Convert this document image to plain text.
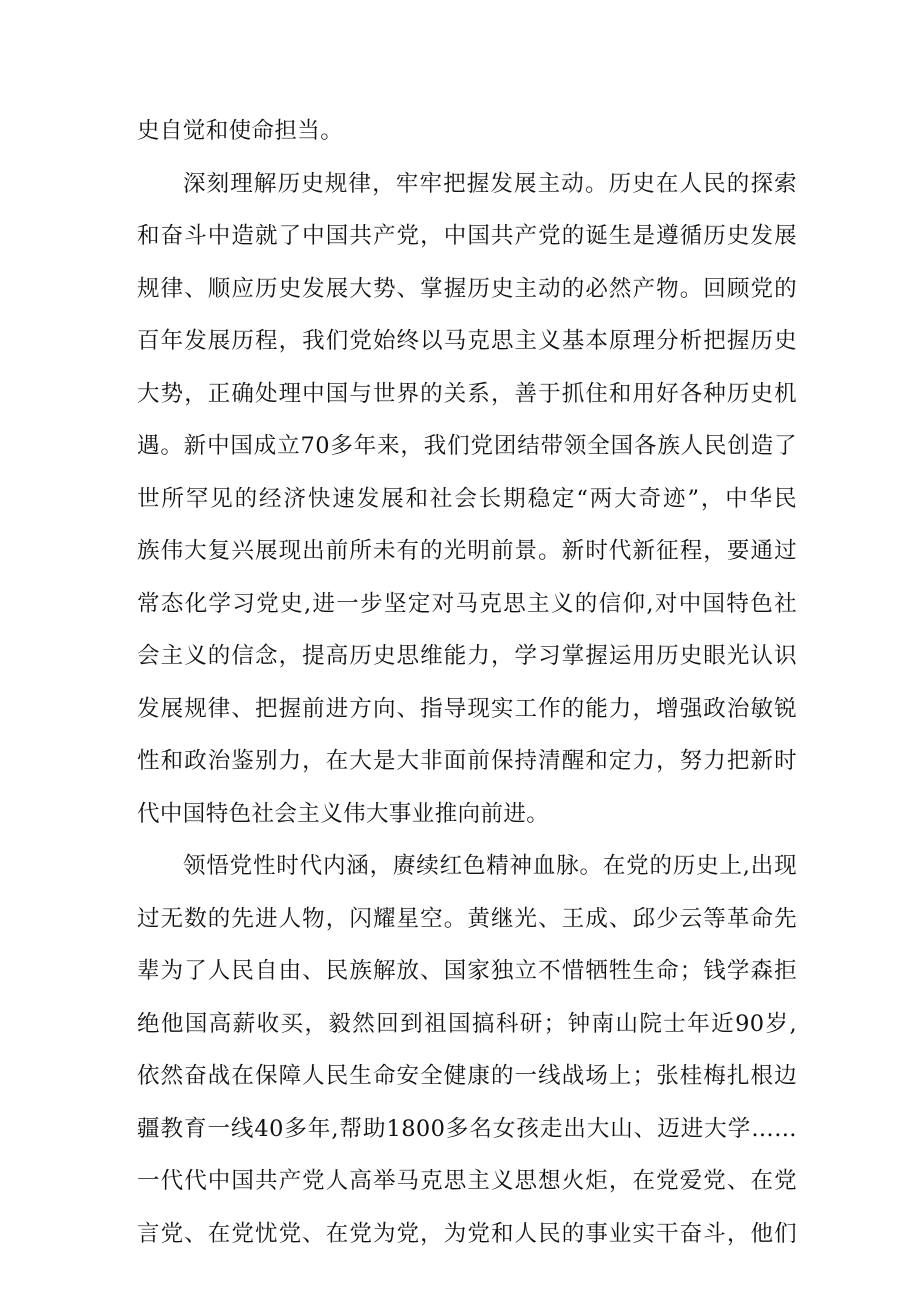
史自觉和使命担当。
深刻理解历史规律，牢牢把握发展主动。历史在人民的探索
和奋斗中造就了中国共产党，中国共产党的诞生是遵循历史发展
规律、顺应历史发展大势、掌握历史主动的必然产物。回顾党的
百年发展历程，我们党始终以马克思主义基本原理分析把握历史
大势，正确处理中国与世界的关系，善于抓住和用好各种历史机
遇。新中国成立70多年来，我们党团结带领全国各族人民创造了
世所罕见的经济快速发展和社会长期稳定“两大奇迹”，中华民
族伟大复兴展现出前所未有的光明前景。新时代新征程，要通过
常态化学习党史,进一步坚定对马克思主义的信仰,对中国特色社
会主义的信念，提高历史思维能力，学习掌握运用历史眼光认识
发展规律、把握前进方向、指导现实工作的能力，增强政治敏锐
性和政治鉴别力，在大是大非面前保持清醒和定力，努力把新时
代中国特色社会主义伟大事业推向前进。
领悟党性时代内涵，赓续红色精神血脉。在党的历史上,出现
过无数的先进人物，闪耀星空。黄继光、王成、邱少云等革命先
辈为了人民自由、民族解放、国家独立不惜牺牲生命；钱学森拒
绝他国高薪收买，毅然回到祖国搞科研；钟南山院士年近90岁,
依然奋战在保障人民生命安全健康的一线战场上；张桂梅扎根边
疆教育一线40多年,帮助1800多名女孩走出大山、迈进大学……
一代代中国共产党人高举马克思主义思想火炬，在党爱党、在党
言党、在党忧党、在党为党，为党和人民的事业实干奋斗，他们
